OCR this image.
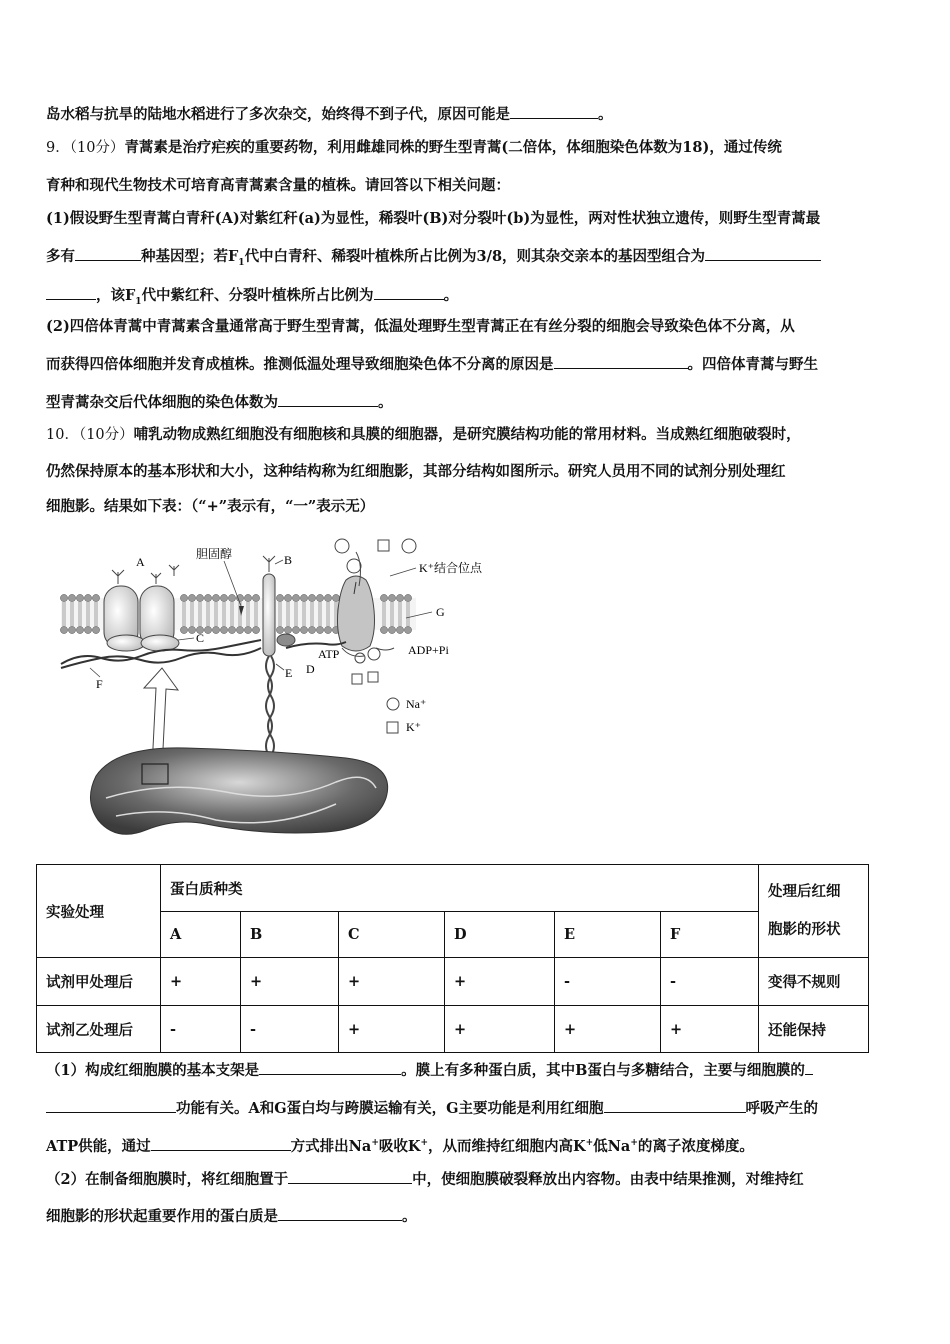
岛水稻与抗旱的陆地水稻进行了多次杂交，始终得不到子代，原因可能是	。
9．（10分）青蒿素是治疗疟疾的重要药物，利用雌雄同株的野生型青蒿(二倍体，体细胞染色体数为18)，通过传统
育种和现代生物技术可培育高青蒿素含量的植株。请回答以下相关问题：
(1)假设野生型青蒿白青秆(A)对紫红秆(a)为显性，稀裂叶(B)对分裂叶(b)为显性，两对性状独立遗传，则野生型青蒿最
多有	种基因型；若$F_1$代中白青秆、稀裂叶植株所占比例为3/8，则其杂交亲本的基因型组合为
，该$F_1$代中紫红秆、分裂叶植株所占比例为	。
(2)四倍体青蒿中青蒿素含量通常高于野生型青蒿，低温处理野生型青蒿正在有丝分裂的细胞会导致染色体不分离，从
而获得四倍体细胞并发育成植株。推测低温处理导致细胞染色体不分离的原因是	。四倍体青蒿与野生
型青蒿杂交后代体细胞的染色体数为	。
10．（10分）哺乳动物成熟红细胞没有细胞核和具膜的细胞器，是研究膜结构功能的常用材料。当成熟红细胞破裂时，
仍然保持原本的基本形状和大小，这种结构称为红细胞影，其部分结构如图所示。研究人员用不同的试剂分别处理红
细胞影。结果如下表：（“+”表示有，“一”表示无）
A
C
胆固醇	B
D
E
K⁺结合位点
G
ATP	ADP+Pi
F
Na⁺
K⁺
实验处理	蛋白质种类						处理后红细
胞影的形状
	A	B	C	D	E	F	
试剂甲处理后	+	+	+	+	-	-	变得不规则
试剂乙处理后	-	-	+	+	+	+	还能保持
（1）构成红细胞膜的基本支架是	。膜上有多种蛋白质，其中B蛋白与多糖结合，主要与细胞膜的
功能有关。A和G蛋白均与跨膜运输有关，G主要功能是利用红细胞	呼吸产生的
ATP供能，通过	方式排出Na+吸收K+，从而维持红细胞内高K+低Na+的离子浓度梯度。
（2）在制备细胞膜时，将红细胞置于	中，使细胞膜破裂释放出内容物。由表中结果推测，对维持红
细胞影的形状起重要作用的蛋白质是	。
